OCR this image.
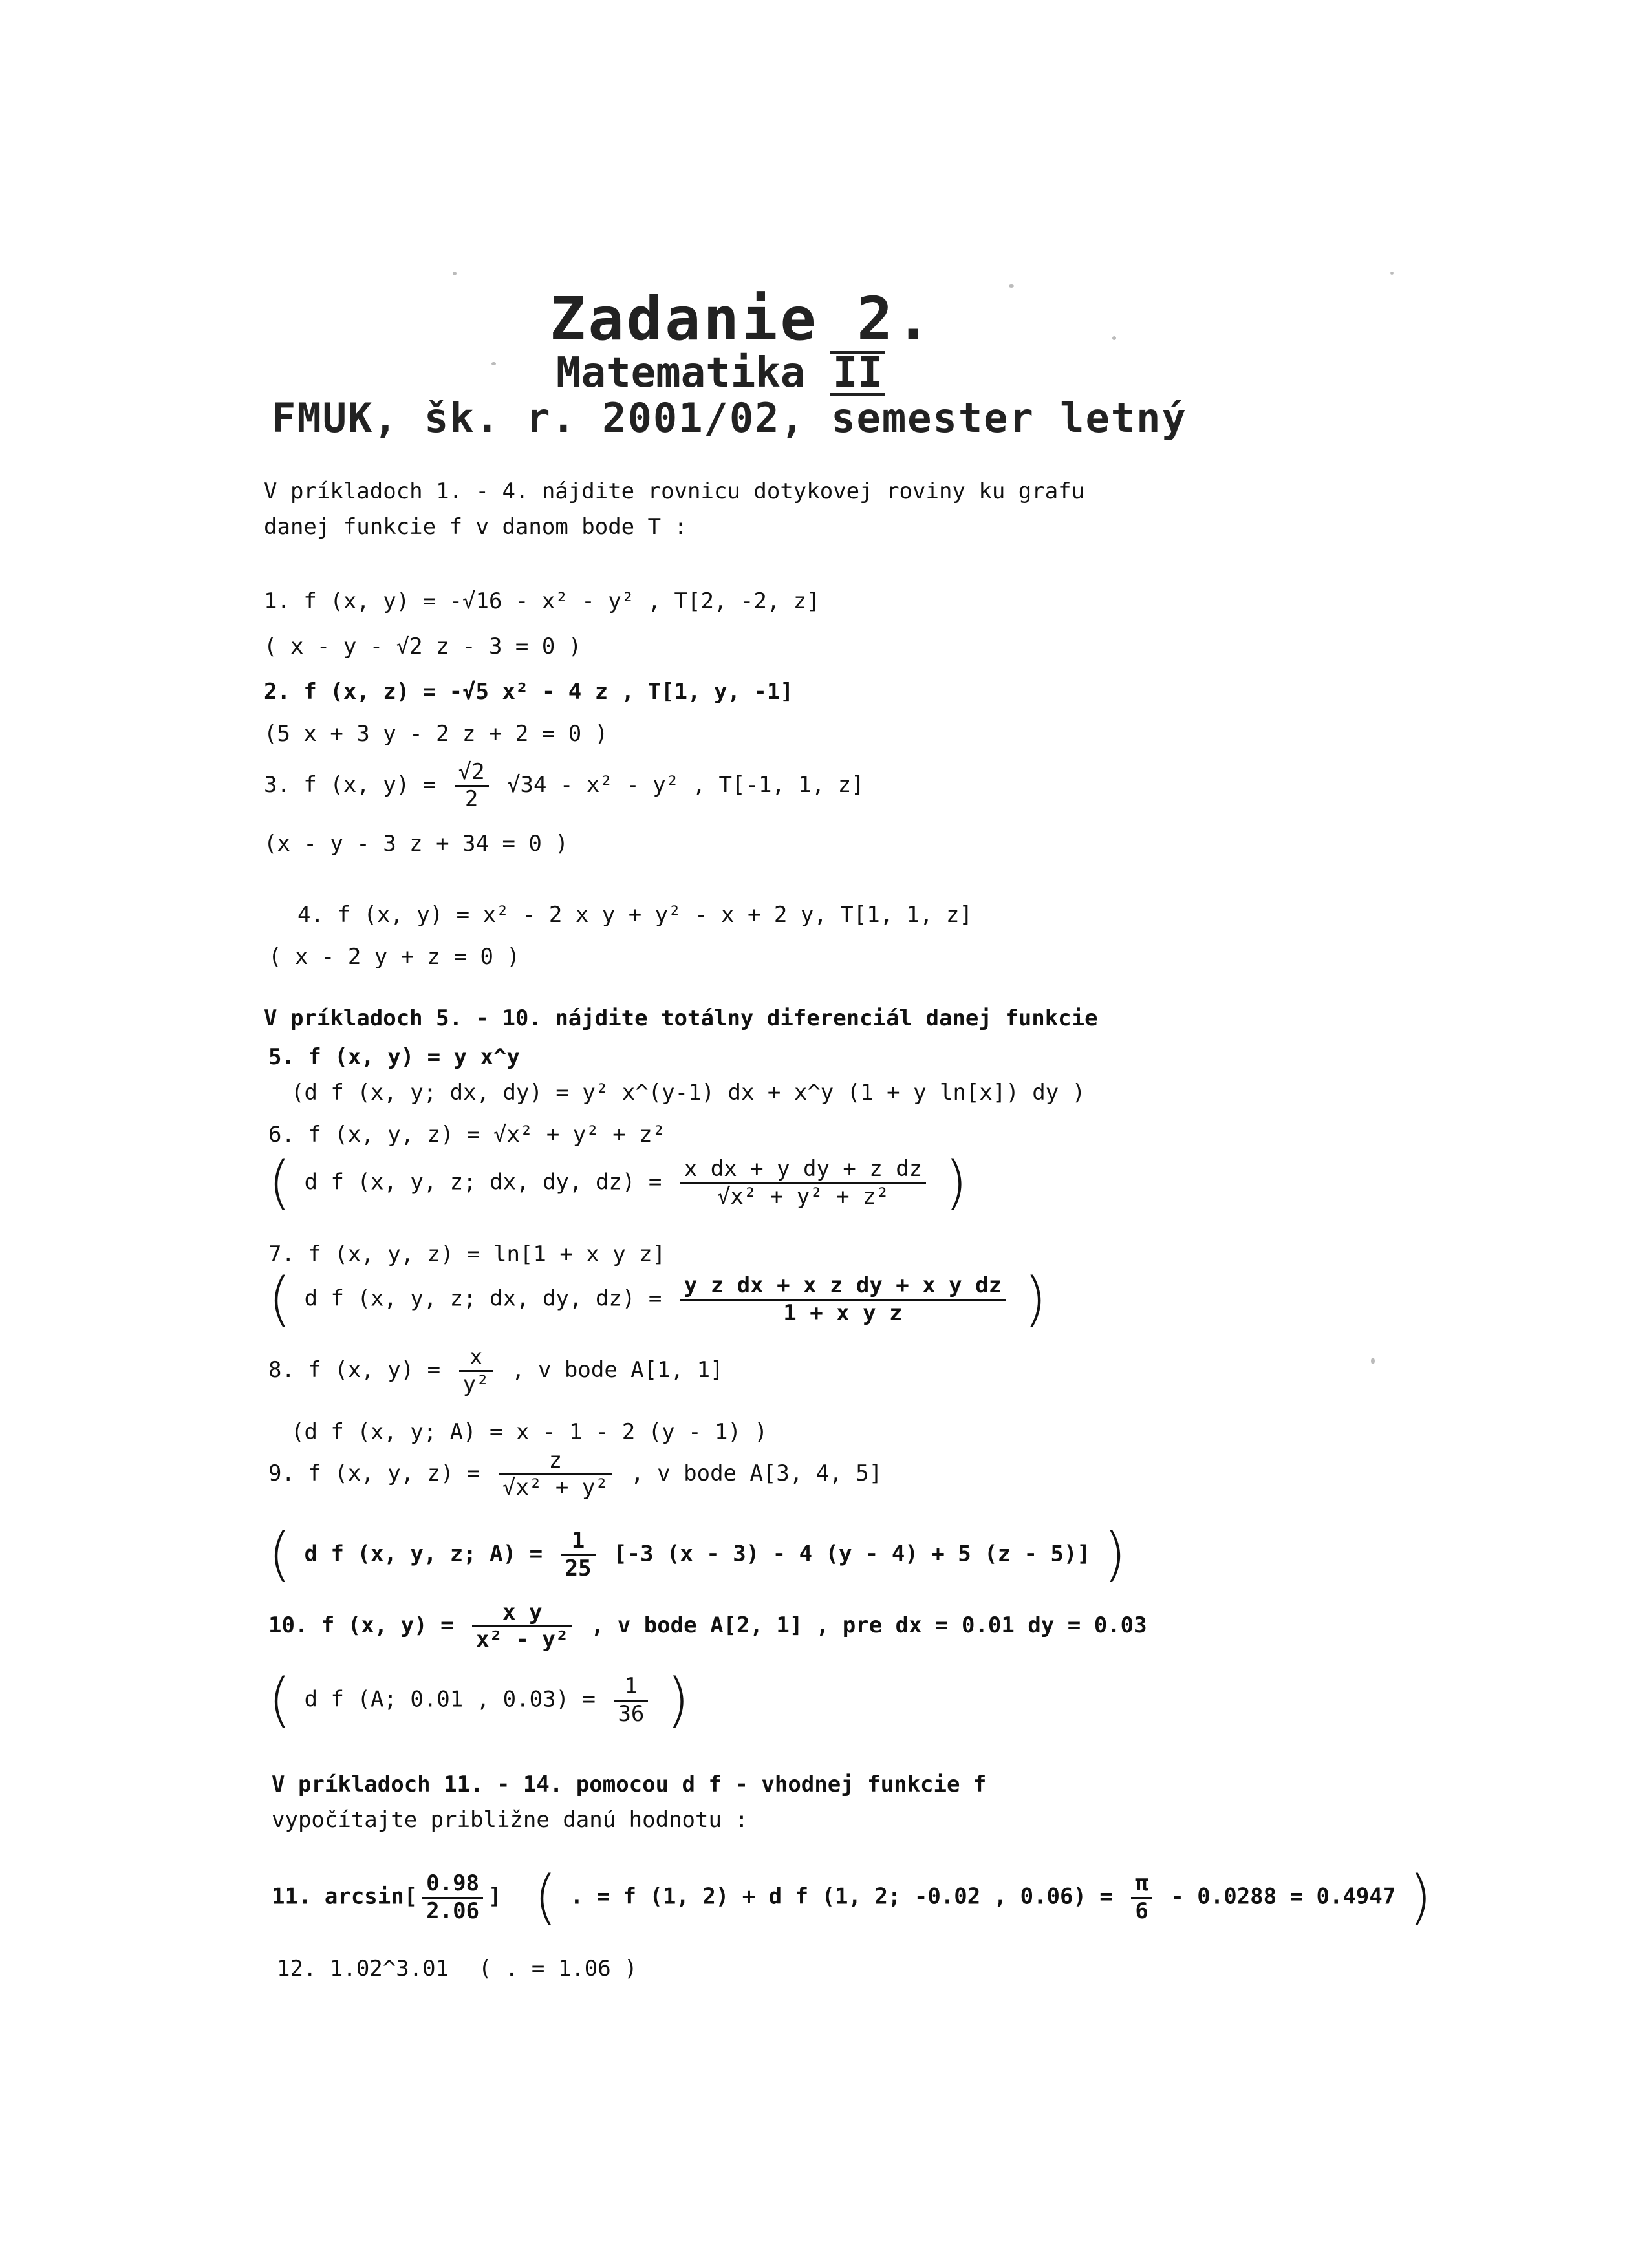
Zadanie 2.
Matematika II
FMUK, šk. r. 2001/02, semester letný
V príkladoch 1. - 4. nájdite rovnicu dotykovej roviny ku grafu
danej funkcie f v danom bode T :
1. f (x, y) = -√16 - x² - y² , T[2, -2, z]
( x - y - √2 z - 3 = 0 )
2. f (x, z) = -√5 x² - 4 z , T[1, y, -1]
(5 x + 3 y - 2 z + 2 = 0 )
3. f (x, $y) = \frac{√2}{2} √34 - x^2 - y^2$ , T[-1, 1, z]
(x - y - 3 z + 34 = 0 )
4. f (x, y) = x² - 2 x y + y² - x + 2 y, T[1, 1, z]
( x - 2 y + z = 0 )
V príkladoch 5. - 10. nájdite totálny diferenciál danej funkcie
5. f (x, y) = y x^y
(d f (x, y; dx, dy) = y² x^(y-1) dx + x^y (1 + y ln[x]) dy )
6. f (x, y, z) = √x² + y² + z²
( d f (x, y, z; dx, dy, $dz) = \frac{\text{x dx + y dy + z dz}}{\text{√x² + y² + z²}}$ )
7. f (x, y, z) = ln[1 + x y z]
( d f (x, y, z; dx, dy, $dz) = \frac{\text{y z dx + x z dy + x y dz}}{\text{1 + x y z}}$ )
8. f (x, $y) = \frac{x}{\text{y²}}$ , v bode A[1, 1]
(d f (x, y; A) = x - 1 - 2 (y - 1) )
9. f (x, y, $z) = \frac{z}{\text{√x² + y²}}$ , v bode A[3, 4, 5]
( d f (x, y, z; $A) = \frac{1}{25} [-3$ (x - 3) - 4 (y - 4) + 5 (z - 5)] )
10. f (x, $y) = \frac{\text{x y}}{\text{x² - y²}}$ , v bode A[2, 1] , pre dx = 0.01 dy = 0.03
( d f (A; 0.01 , $0.03) = \frac{1}{36}$ )
V príkladoch 11. - 14. pomocou d f - vhodnej funkcie f
vypočítajte približne danú hodnotu :
11. $\arcsin[ \frac{0.98}{2.06}$ ] ( . = f (1, 2) + d f (1, 2; -0.02 , $0.06) = \frac{\pi}{6} - 0.0288 = 0.4947$ )
12. 1.02^3.01 ( . = 1.06 )
